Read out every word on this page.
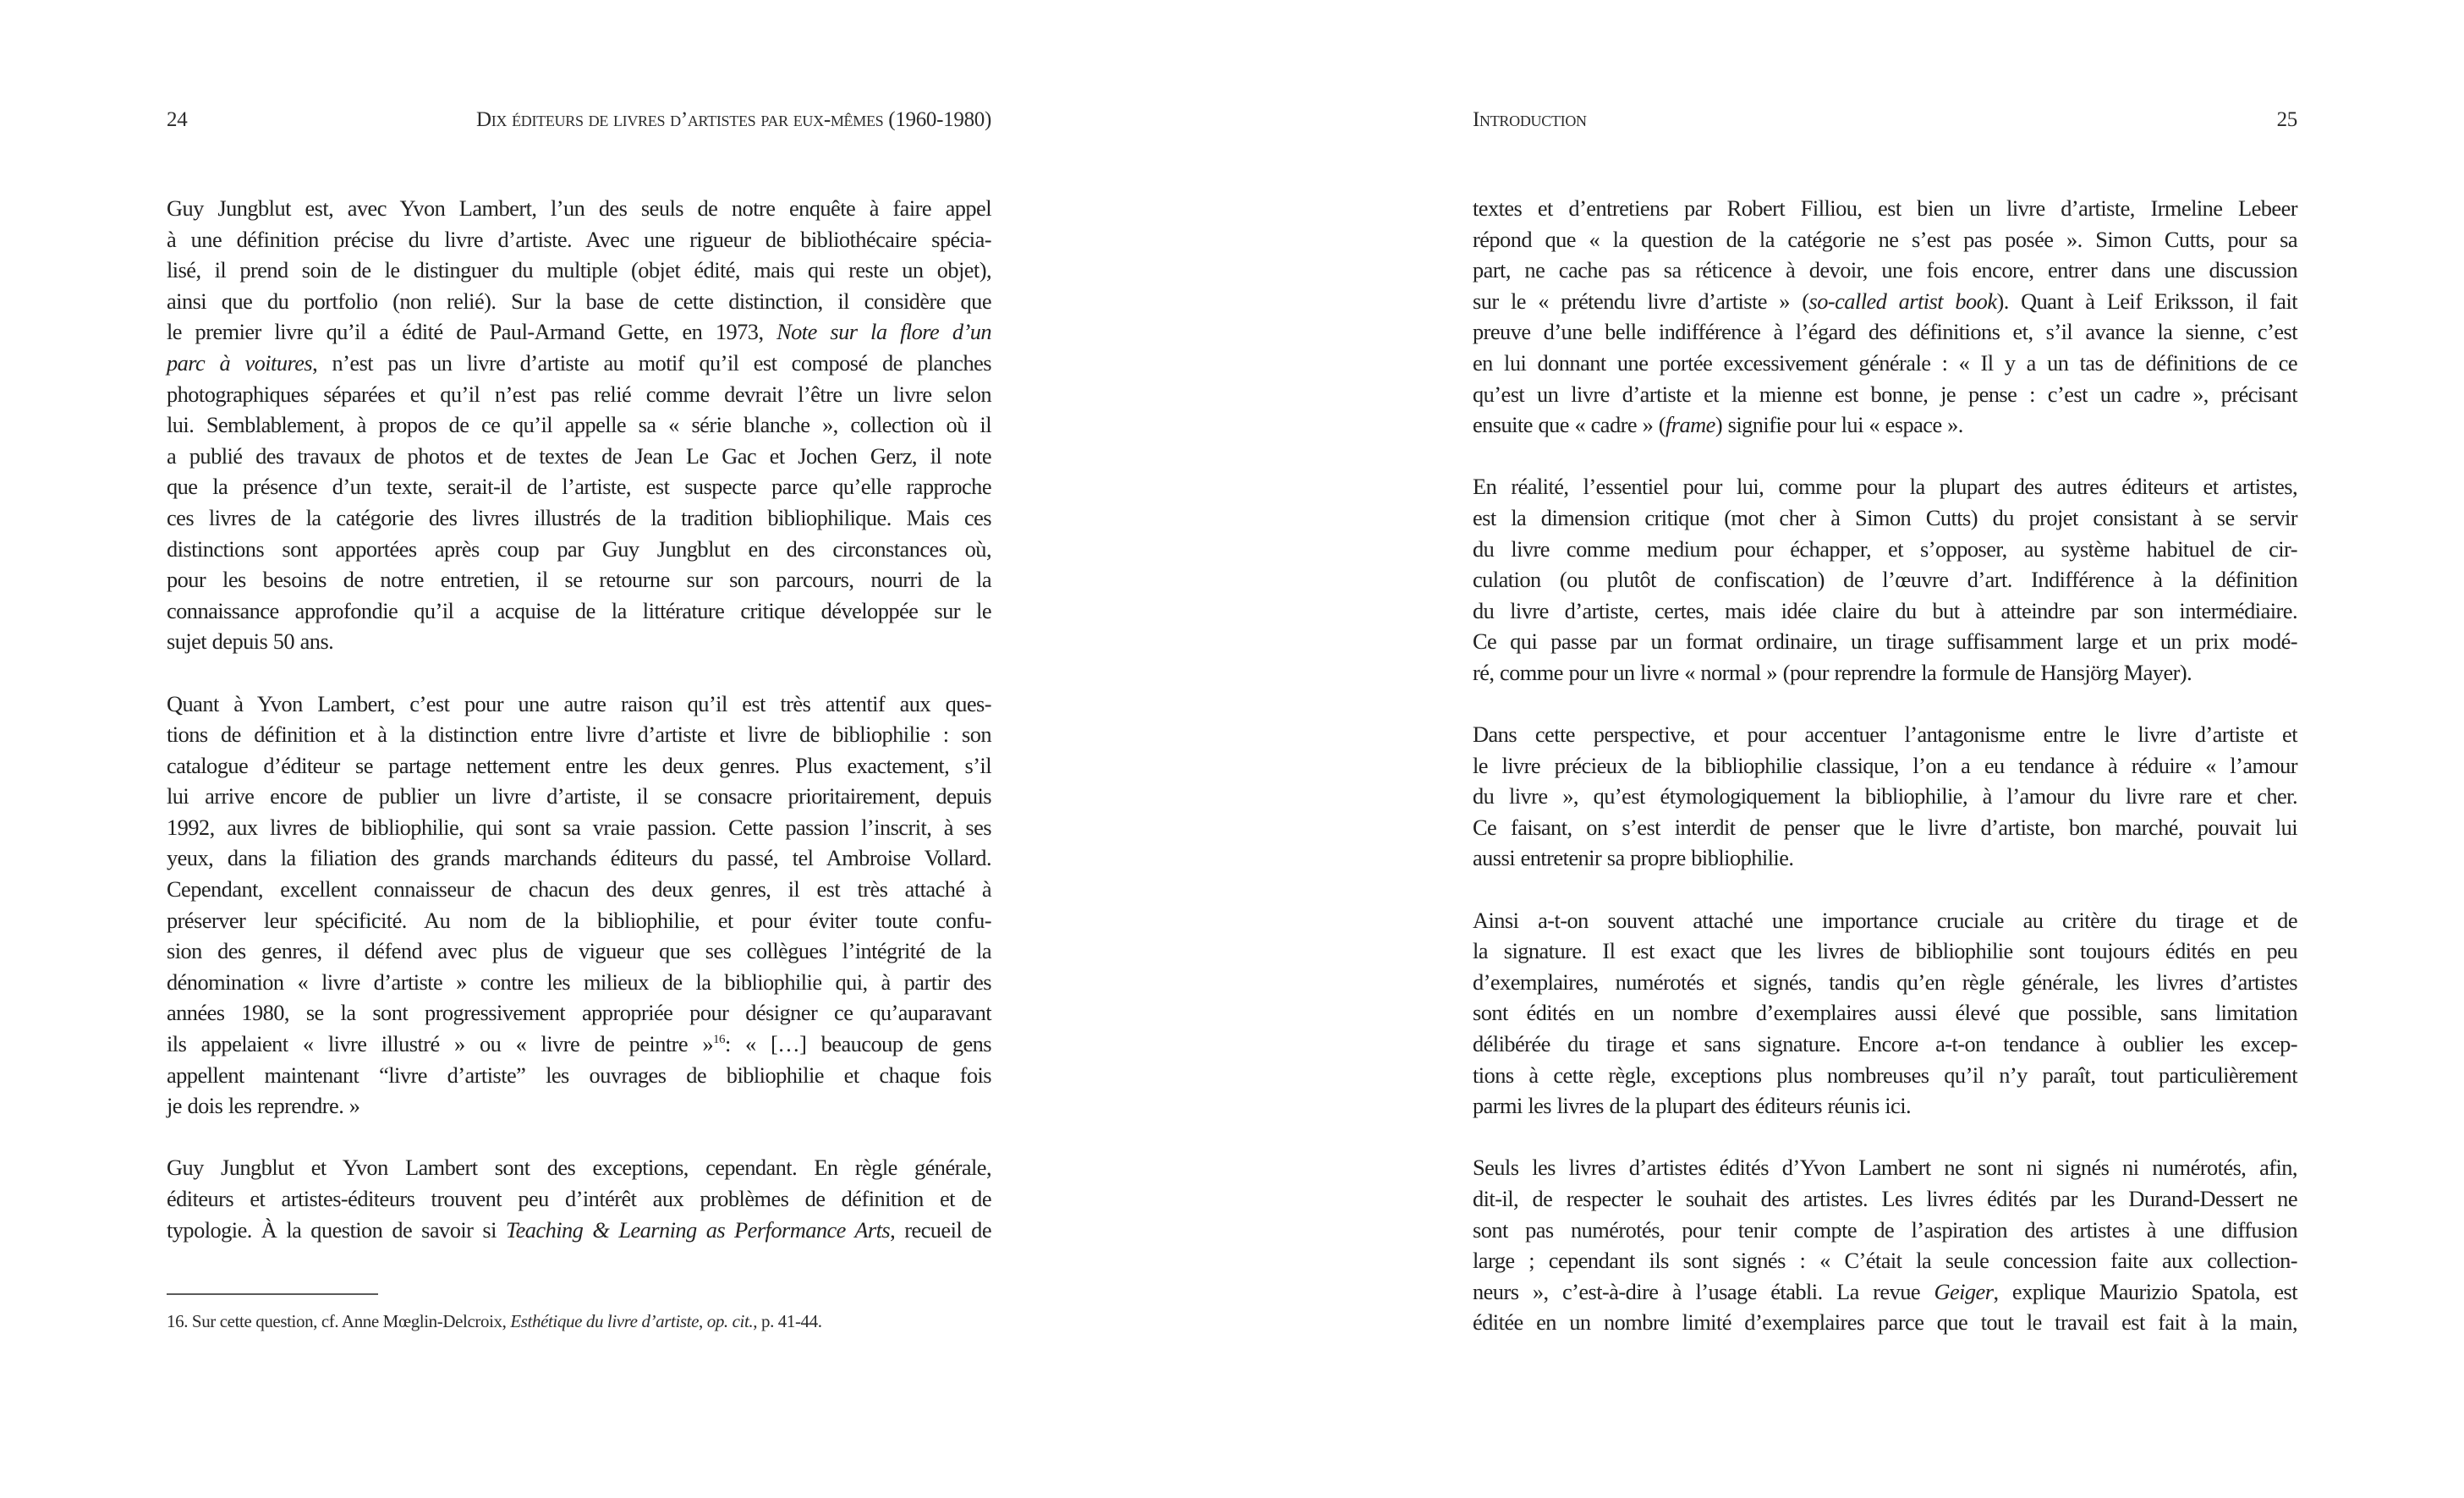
24	Dix éditeurs de livres d’artistes par eux-mêmes (1960-1980)
Guy Jungblut est, avec Yvon Lambert, l’un des seuls de notre enquête à faire appel
à une définition précise du livre d’artiste. Avec une rigueur de bibliothécaire spécia-
lisé, il prend soin de le distinguer du multiple (objet édité, mais qui reste un objet),
ainsi que du portfolio (non relié). Sur la base de cette distinction, il considère que
le premier livre qu’il a édité de Paul-Armand Gette, en 1973, Note sur la flore d’un
parc à voitures, n’est pas un livre d’artiste au motif qu’il est composé de planches
photographiques séparées et qu’il n’est pas relié comme devrait l’être un livre selon
lui. Semblablement, à propos de ce qu’il appelle sa « série blanche », collection où il
a publié des travaux de photos et de textes de Jean Le Gac et Jochen Gerz, il note
que la présence d’un texte, serait-il de l’artiste, est suspecte parce qu’elle rapproche
ces livres de la catégorie des livres illustrés de la tradition bibliophilique. Mais ces
distinctions sont apportées après coup par Guy Jungblut en des circonstances où,
pour les besoins de notre entretien, il se retourne sur son parcours, nourri de la
connaissance approfondie qu’il a acquise de la littérature critique développée sur le
sujet depuis 50 ans.
Quant à Yvon Lambert, c’est pour une autre raison qu’il est très attentif aux ques-
tions de définition et à la distinction entre livre d’artiste et livre de bibliophilie : son
catalogue d’éditeur se partage nettement entre les deux genres. Plus exactement, s’il
lui arrive encore de publier un livre d’artiste, il se consacre prioritairement, depuis
1992, aux livres de bibliophilie, qui sont sa vraie passion. Cette passion l’inscrit, à ses
yeux, dans la filiation des grands marchands éditeurs du passé, tel Ambroise Vollard.
Cependant, excellent connaisseur de chacun des deux genres, il est très attaché à
préserver leur spécificité. Au nom de la bibliophilie, et pour éviter toute confu-
sion des genres, il défend avec plus de vigueur que ses collègues l’intégrité de la
dénomination « livre d’artiste » contre les milieux de la bibliophilie qui, à partir des
années 1980, se la sont progressivement appropriée pour désigner ce qu’auparavant
ils appelaient « livre illustré » ou « livre de peintre »$^{16}$: « […] beaucoup de gens
appellent maintenant “livre d’artiste” les ouvrages de bibliophilie et chaque fois
je dois les reprendre. »
Guy Jungblut et Yvon Lambert sont des exceptions, cependant. En règle générale,
éditeurs et artistes-éditeurs trouvent peu d’intérêt aux problèmes de définition et de
typologie. À la question de savoir si Teaching & Learning as Performance Arts, recueil de
16. Sur cette question, cf. Anne Mœglin-Delcroix, Esthétique du livre d’artiste, op. cit., p. 41-44.
Introduction	25
textes et d’entretiens par Robert Filliou, est bien un livre d’artiste, Irmeline Lebeer
répond que « la question de la catégorie ne s’est pas posée ». Simon Cutts, pour sa
part, ne cache pas sa réticence à devoir, une fois encore, entrer dans une discussion
sur le « prétendu livre d’artiste » (so-called artist book). Quant à Leif Eriksson, il fait
preuve d’une belle indifférence à l’égard des définitions et, s’il avance la sienne, c’est
en lui donnant une portée excessivement générale : « Il y a un tas de définitions de ce
qu’est un livre d’artiste et la mienne est bonne, je pense : c’est un cadre », précisant
ensuite que « cadre » (frame) signifie pour lui « espace ».
En réalité, l’essentiel pour lui, comme pour la plupart des autres éditeurs et artistes,
est la dimension critique (mot cher à Simon Cutts) du projet consistant à se servir
du livre comme medium pour échapper, et s’opposer, au système habituel de cir-
culation (ou plutôt de confiscation) de l’œuvre d’art. Indifférence à la définition
du livre d’artiste, certes, mais idée claire du but à atteindre par son intermédiaire.
Ce qui passe par un format ordinaire, un tirage suffisamment large et un prix modé-
ré, comme pour un livre « normal » (pour reprendre la formule de Hansjörg Mayer).
Dans cette perspective, et pour accentuer l’antagonisme entre le livre d’artiste et
le livre précieux de la bibliophilie classique, l’on a eu tendance à réduire « l’amour
du livre », qu’est étymologiquement la bibliophilie, à l’amour du livre rare et cher.
Ce faisant, on s’est interdit de penser que le livre d’artiste, bon marché, pouvait lui
aussi entretenir sa propre bibliophilie.
Ainsi a-t-on souvent attaché une importance cruciale au critère du tirage et de
la signature. Il est exact que les livres de bibliophilie sont toujours édités en peu
d’exemplaires, numérotés et signés, tandis qu’en règle générale, les livres d’artistes
sont édités en un nombre d’exemplaires aussi élevé que possible, sans limitation
délibérée du tirage et sans signature. Encore a-t-on tendance à oublier les excep-
tions à cette règle, exceptions plus nombreuses qu’il n’y paraît, tout particulièrement
parmi les livres de la plupart des éditeurs réunis ici.
Seuls les livres d’artistes édités d’Yvon Lambert ne sont ni signés ni numérotés, afin,
dit-il, de respecter le souhait des artistes. Les livres édités par les Durand-Dessert ne
sont pas numérotés, pour tenir compte de l’aspiration des artistes à une diffusion
large ; cependant ils sont signés : « C’était la seule concession faite aux collection-
neurs », c’est-à-dire à l’usage établi. La revue Geiger, explique Maurizio Spatola, est
éditée en un nombre limité d’exemplaires parce que tout le travail est fait à la main,
